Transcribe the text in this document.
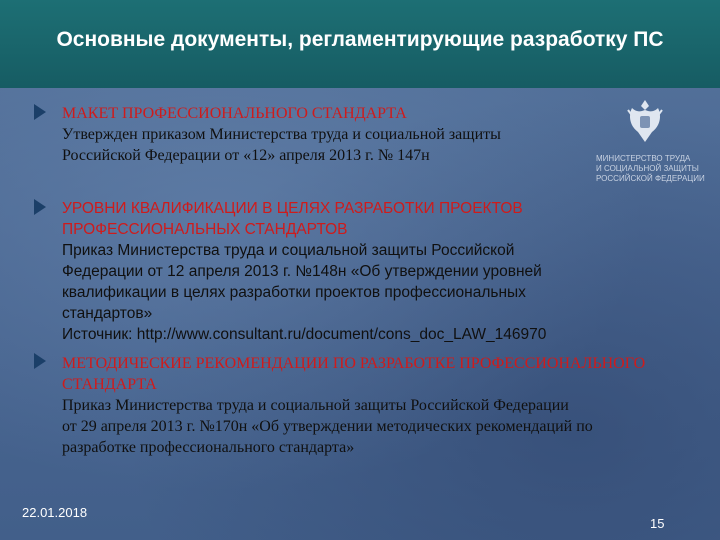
Основные документы, регламентирующие разработку ПС
МАКЕТ ПРОФЕССИОНАЛЬНОГО СТАНДАРТА
Утвержден приказом Министерства труда и социальной защиты
Российской Федерации от «12» апреля 2013 г. № 147н	МИНИСТЕРСТВО ТРУДА
И СОЦИАЛЬНОЙ ЗАЩИТЫ
РОССИЙСКОЙ ФЕДЕРАЦИИ
УРОВНИ КВАЛИФИКАЦИИ В ЦЕЛЯХ РАЗРАБОТКИ ПРОЕКТОВ
ПРОФЕССИОНАЛЬНЫХ СТАНДАРТОВ
Приказ Министерства труда и социальной защиты Российской
Федерации от 12 апреля 2013 г. №148н «Об утверждении уровней
квалификации в целях разработки проектов профессиональных
стандартов»
Источник: http://www.consultant.ru/document/cons_doc_LAW_146970
МЕТОДИЧЕСКИЕ РЕКОМЕНДАЦИИ ПО РАЗРАБОТКЕ ПРОФЕССИОНАЛЬНОГО
СТАНДАРТА
Приказ Министерства труда и социальной защиты Российской Федерации
от 29 апреля 2013 г. №170н «Об утверждении методических рекомендаций по
разработке профессионального стандарта»
22.01.2018
15
